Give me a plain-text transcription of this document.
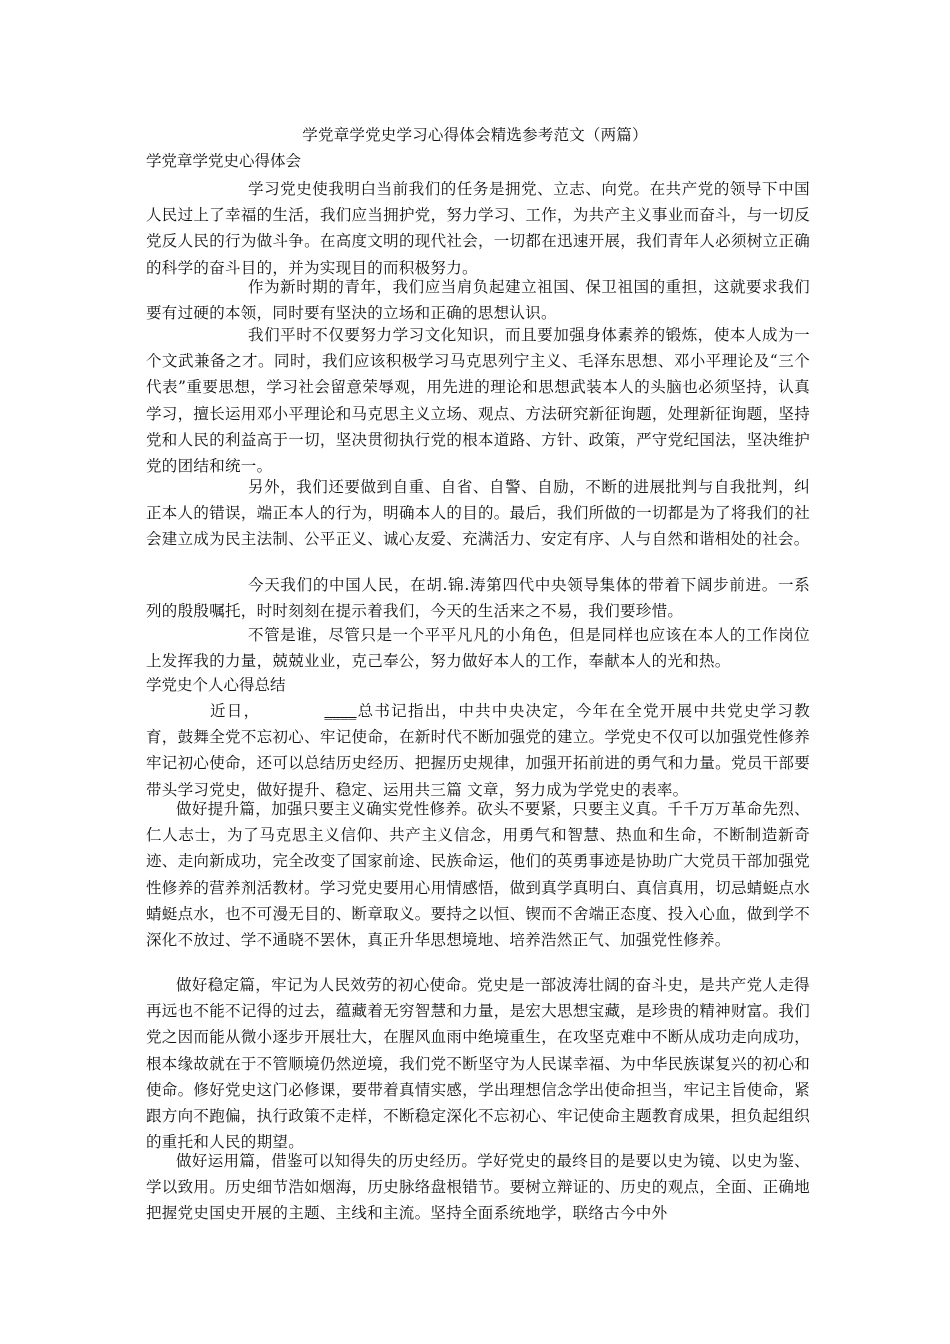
学党章学党史学习心得体会精选参考范文（两篇）
学党章学党史心得体会

学习党史使我明白当前我们的任务是拥党、立志、向党。在共产党的领导下中国人民过上了幸福的生活，我们应当拥护党，努力学习、工作，为共产主义事业而奋斗，与一切反党反人民的行为做斗争。在高度文明的现代社会，一切都在迅速开展，我们青年人必须树立正确的科学的奋斗目的，并为实现目的而积极努力。

作为新时期的青年，我们应当肩负起建立祖国、保卫祖国的重担，这就要求我们要有过硬的本领，同时要有坚決的立场和正确的思想认识。

我们平时不仅要努力学习文化知识，而且要加强身体素养的锻炼，使本人成为一个文武兼备之才。同时，我们应该积极学习马克思列宁主义、毛泽东思想、邓小平理论及“三个代表”重要思想，学习社会留意荣辱观，用先进的理论和思想武装本人的头脑也必须坚持，认真学习，擅长运用邓小平理论和马克思主义立场、观点、方法研究新征询题，处理新征询题，坚持党和人民的利益高于一切，坚决贯彻执行党的根本道路、方针、政策，严守党纪国法，坚决维护党的团结和统一。

另外，我们还要做到自重、自省、自警、自励，不断的进展批判与自我批判，纠正本人的错误，端正本人的行为，明确本人的目的。最后，我们所做的一切都是为了将我们的社会建立成为民主法制、公平正义、诚心友爱、充满活力、安定有序、人与自然和谐相处的社会。

今天我们的中国人民，在胡.锦.涛第四代中央领导集体的带着下阔步前进。一系列的殷殷嘱托，时时刻刻在提示着我们，今天的生活来之不易，我们要珍惜。

不管是谁，尽管只是一个平平凡凡的小角色，但是同样也应该在本人的工作岗位上发挥我的力量，兢兢业业，克己奉公，努力做好本人的工作，奉献本人的光和热。

学党史个人心得总结

近日，	____总书记指出，中共中央决定，今年在全党开展中共党史学习教育，鼓舞全党不忘初心、牢记使命，在新时代不断加强党的建立。学党史不仅可以加强党性修养牢记初心使命，还可以总结历史经历、把握历史规律，加强开拓前进的勇气和力量。党员干部要带头学习党史，做好提升、稳定、运用共三篇 文章，努力成为学党史的表率。

做好提升篇，加强只要主义确实党性修养。砍头不要紧，只要主义真。千千万万革命先烈、仁人志士，为了马克思主义信仰、共产主义信念，用勇气和智慧、热血和生命，不断制造新奇迹、走向新成功，完全改变了国家前途、民族命运，他们的英勇事迹是协助广大党员干部加强党性修养的营养剂活教材。学习党史要用心用情感悟，做到真学真明白、真信真用，切忌蜻蜓点水蜻蜓点水，也不可漫无目的、断章取义。要持之以恒、锲而不舍端正态度、投入心血，做到学不深化不放过、学不通晓不罢休，真正升华思想境地、培养浩然正气、加强党性修养。

做好稳定篇，牢记为人民效劳的初心使命。党史是一部波涛壮阔的奋斗史，是共产党人走得再远也不能不记得的过去，蕴藏着无穷智慧和力量，是宏大思想宝藏，是珍贵的精神财富。我们党之因而能从微小逐步开展壮大，在腥风血雨中绝境重生，在攻坚克难中不断从成功走向成功，根本缘故就在于不管顺境仍然逆境，我们党不断坚守为人民谋幸福、为中华民族谋复兴的初心和使命。修好党史这门必修课，要带着真情实感，学出理想信念学出使命担当，牢记主旨使命，紧跟方向不跑偏，执行政策不走样，不断稳定深化不忘初心、牢记使命主题教育成果，担负起组织的重托和人民的期望。

做好运用篇，借鉴可以知得失的历史经历。学好党史的最终目的是要以史为镜、以史为鉴、学以致用。历史细节浩如烟海，历史脉络盘根错节。要树立辩证的、历史的观点，全面、正确地把握党史国史开展的主题、主线和主流。坚持全面系统地学，联络古今中外
